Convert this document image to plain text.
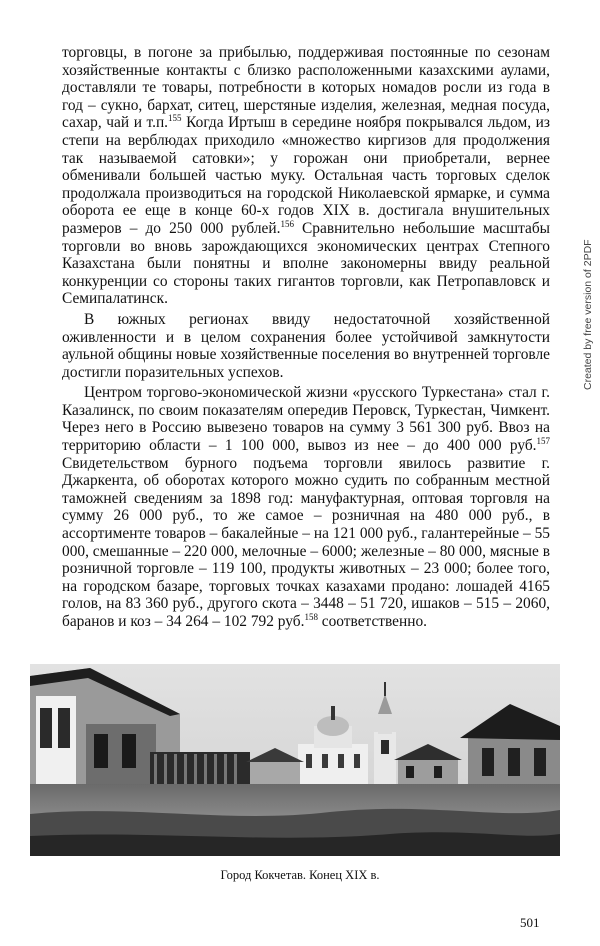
торговцы, в погоне за прибылью, поддерживая постоянные по сезонам хозяйственные контакты с близко расположенными казахскими аулами, доставляли те товары, потребности в которых номадов росли из года в год – сукно, бархат, ситец, шерстяные изделия, железная, медная посуда, сахар, чай и т.п.$^{155}$ Когда Иртыш в середине ноября покрывался льдом, из степи на верблюдах приходило «множество киргизов для продолжения так называемой сатовки»; у горожан они приобретали, вернее обменивали большей частью муку. Остальная часть торговых сделок продолжала производиться на городской Николаевской ярмарке, и сумма оборота ее еще в конце 60-х годов XIX в. достигала внушительных размеров – до 250 000 рублей.$^{156}$ Сравнительно небольшие масштабы торговли во вновь зарождающихся экономических центрах Степного Казахстана были понятны и вполне закономерны ввиду реальной конкуренции со стороны таких гигантов торговли, как Петропавловск и Семипалатинск.

В южных регионах ввиду недостаточной хозяйственной оживленности и в целом сохранения более устойчивой замкнутости аульной общины новые хозяйственные поселения во внутренней торговле достигли поразительных успехов.

Центром торгово-экономической жизни «русского Туркестана» стал г. Казалинск, по своим показателям опередив Перовск, Туркестан, Чимкент. Через него в Россию вывезено товаров на сумму 3 561 300 руб. Ввоз на территорию области – 1 100 000, вывоз из нее – до 400 000 руб.$^{157}$ Свидетельством бурного подъема торговли явилось развитие г. Джаркента, об оборотах которого можно судить по собранным местной таможней сведениям за 1898 год: мануфактурная, оптовая торговля на сумму 26 000 руб., то же самое – розничная на 480 000 руб., в ассортименте товаров – бакалейные – на 121 000 руб., галантерейные – 55 000, смешанные – 220 000, мелочные – 6000; железные – 80 000, мясные в розничной торговле – 119 100, продукты животных – 23 000; более того, на городском базаре, торговых точках казахами продано: лошадей 4165 голов, на 83 360 руб., другого скота – 3448 – 51 720, ишаков – 515 – 2060, баранов и коз – 34 264 – 102 792 руб.$^{158}$ соответственно.

Created by free version of 2PDF
Город Кокчетав. Конец XIX в.
501
